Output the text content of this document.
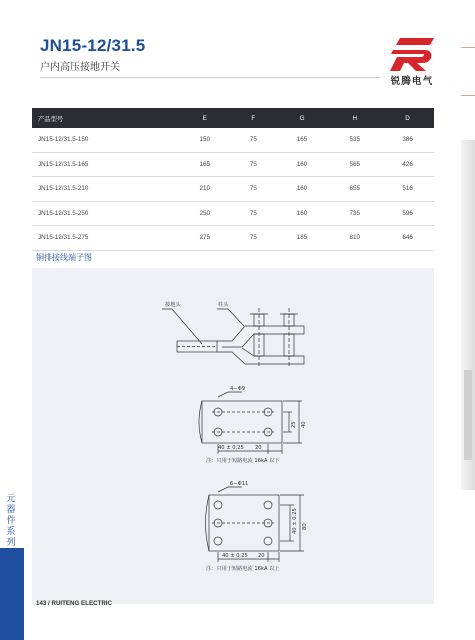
JN15-12/31.5
户内高压接地开关
锐腾电气
产品型号	E	F	G	H	D
JN15-12/31.5-150	150	75	165	535	386
JN15-12/31.5-165	165	75	160	565	426
JN15-12/31.5-210	210	75	160	655	516
JN15-12/31.5-250	250	75	160	735	596
JN15-12/31.5-275	275	75	185	810	646
铜排接线端子图
接地头	柱头
4−Φ9
40 ± 0.25 20
25 40
注：只用于短路电流 16kA 以下
6−Φ11
40 ± 0.25 20
40 ± 0.25 80
注：只用于短路电流 16kA 以上
元器件系列
143 / RUITENG ELECTRIC
